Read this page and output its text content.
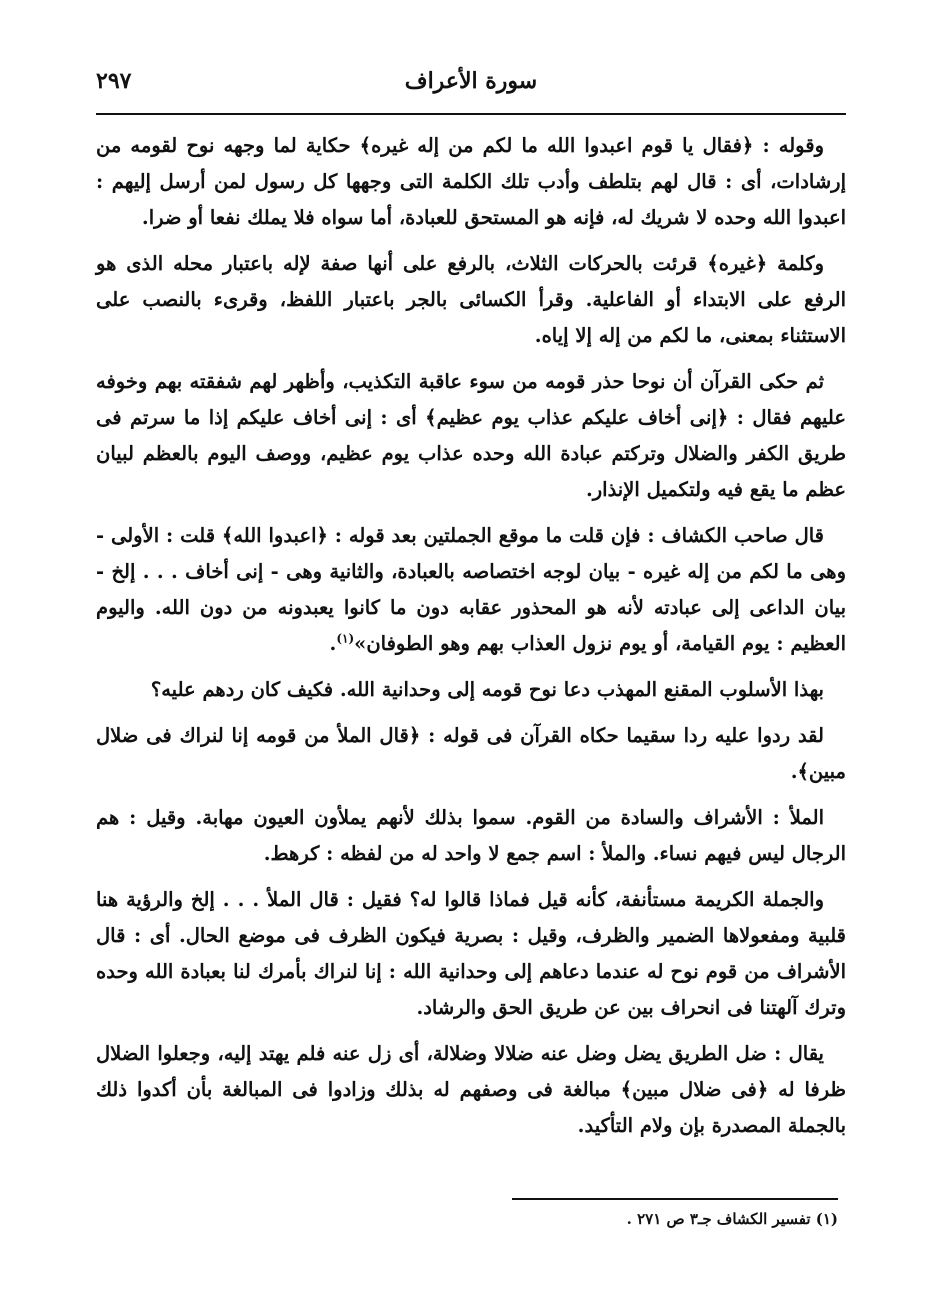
سورة الأعراف
٢٩٧

وقوله : ﴿فقال يا قوم اعبدوا الله ما لكم من إله غيره﴾ حكاية لما وجهه نوح لقومه من إرشادات، أى : قال لهم بتلطف وأدب تلك الكلمة التى وجهها كل رسول لمن أرسل إليهم : اعبدوا الله وحده لا شريك له، فإنه هو المستحق للعبادة، أما سواه فلا يملك نفعا أو ضرا.

وكلمة ﴿غيره﴾ قرئت بالحركات الثلاث، بالرفع على أنها صفة لإله باعتبار محله الذى هو الرفع على الابتداء أو الفاعلية. وقرأ الكسائى بالجر باعتبار اللفظ، وقرىء بالنصب على الاستثناء بمعنى، ما لكم من إله إلا إياه.

ثم حكى القرآن أن نوحا حذر قومه من سوء عاقبة التكذيب، وأظهر لهم شفقته بهم وخوفه عليهم فقال : ﴿إنى أخاف عليكم عذاب يوم عظيم﴾ أى : إنى أخاف عليكم إذا ما سرتم فى طريق الكفر والضلال وتركتم عبادة الله وحده عذاب يوم عظيم، ووصف اليوم بالعظم لبيان عظم ما يقع فيه ولتكميل الإنذار.

قال صاحب الكشاف : فإن قلت ما موقع الجملتين بعد قوله : ﴿اعبدوا الله﴾ قلت : الأولى - وهى ما لكم من إله غيره - بيان لوجه اختصاصه بالعبادة، والثانية وهى - إنى أخاف . . . إلخ - بيان الداعى إلى عبادته لأنه هو المحذور عقابه دون ما كانوا يعبدونه من دون الله. واليوم العظيم : يوم القيامة، أو يوم نزول العذاب بهم وهو الطوفان»$^{(١)}$.

بهذا الأسلوب المقنع المهذب دعا نوح قومه إلى وحدانية الله. فكيف كان ردهم عليه؟

لقد ردوا عليه ردا سقيما حكاه القرآن فى قوله : ﴿قال الملأ من قومه إنا لنراك فى ضلال مبين﴾.

الملأ : الأشراف والسادة من القوم. سموا بذلك لأنهم يملأون العيون مهابة. وقيل : هم الرجال ليس فيهم نساء. والملأ : اسم جمع لا واحد له من لفظه : كرهط.

والجملة الكريمة مستأنفة، كأنه قيل فماذا قالوا له؟ فقيل : قال الملأ . . . إلخ والرؤية هنا قلبية ومفعولاها الضمير والظرف، وقيل : بصرية فيكون الظرف فى موضع الحال. أى : قال الأشراف من قوم نوح له عندما دعاهم إلى وحدانية الله : إنا لنراك بأمرك لنا بعبادة الله وحده وترك آلهتنا فى انحراف بين عن طريق الحق والرشاد.

يقال : ضل الطريق يضل وضل عنه ضلالا وضلالة، أى زل عنه فلم يهتد إليه، وجعلوا الضلال ظرفا له ﴿فى ضلال مبين﴾ مبالغة فى وصفهم له بذلك وزادوا فى المبالغة بأن أكدوا ذلك بالجملة المصدرة بإن ولام التأكيد.

(١) تفسير الكشاف جـ٣ ص ٢٧١ .
